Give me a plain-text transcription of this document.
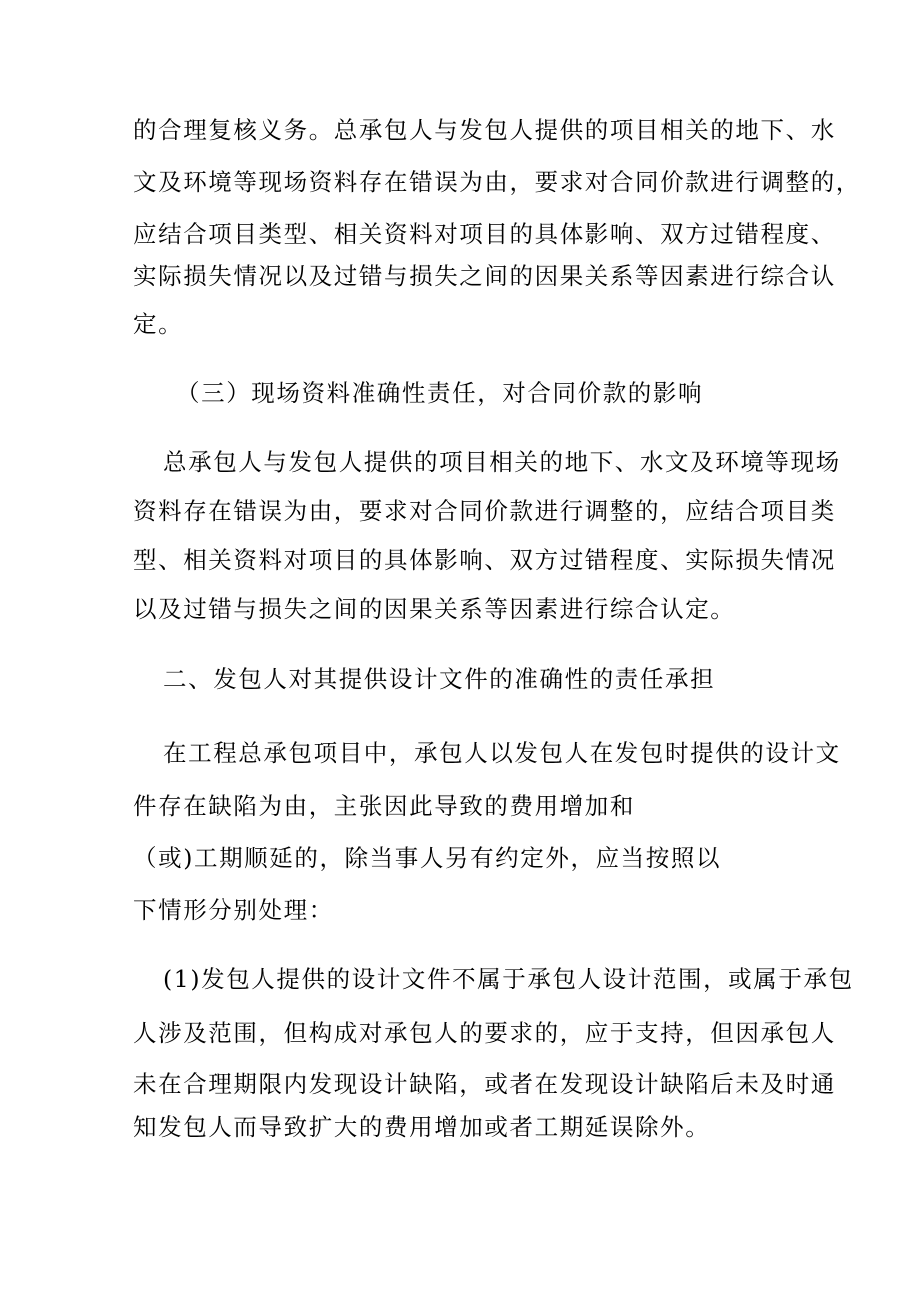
的合理复核义务。总承包人与发包人提供的项目相关的地下、水
文及环境等现场资料存在错误为由，要求对合同价款进行调整的，
应结合项目类型、相关资料对项目的具体影响、双方过错程度、
实际损失情况以及过错与损失之间的因果关系等因素进行综合认
定。
（三）现场资料准确性责任，对合同价款的影响
总承包人与发包人提供的项目相关的地下、水文及环境等现场
资料存在错误为由，要求对合同价款进行调整的，应结合项目类
型、相关资料对项目的具体影响、双方过错程度、实际损失情况
以及过错与损失之间的因果关系等因素进行综合认定。
二、发包人对其提供设计文件的准确性的责任承担
在工程总承包项目中，承包人以发包人在发包时提供的设计文
件存在缺陷为由，主张因此导致的费用增加和
（或)工期顺延的，除当事人另有约定外，应当按照以
下情形分别处理：
(1)发包人提供的设计文件不属于承包人设计范围，或属于承包
人涉及范围，但构成对承包人的要求的，应于支持，但因承包人
未在合理期限内发现设计缺陷，或者在发现设计缺陷后未及时通
知发包人而导致扩大的费用增加或者工期延误除外。
